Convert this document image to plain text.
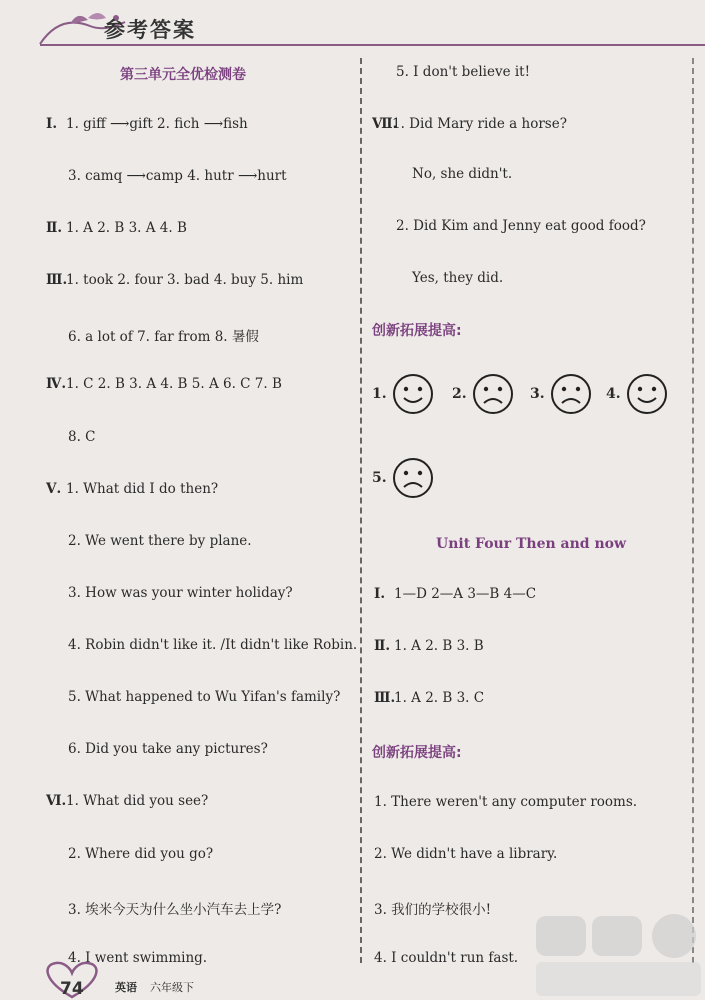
参考答案
第三单元全优检测卷
Ⅰ. 1. giff ⟶gift 2. fich ⟶fish
3. camq ⟶camp 4. hutr ⟶hurt
Ⅱ. 1. A 2. B 3. A 4. B
Ⅲ.
1. took 2. four 3. bad 4. buy 5. him
6. a lot of 7. far from 8. 暑假
Ⅳ. 1. C 2. B 3. A 4. B 5. A 6. C 7. B
8. C
Ⅴ. 1. What did I do then?
2. We went there by plane.
3. How was your winter holiday?
4. Robin didn't like it. /It didn't like Robin.
5. What happened to Wu Yifan's family?
6. Did you take any pictures?
Ⅵ. 1. What did you see?
2. Where did you go?
3. 埃米今天为什么坐小汽车去上学?
4. I went swimming.
5. I don't believe it!
Ⅶ.
1. Did Mary ride a horse?
No, she didn't.
2. Did Kim and Jenny eat good food?
Yes, they did.
创新拓展提高:
1.	2.	3.	4.
5.
Unit Four Then and now
Ⅰ. 1—D 2—A 3—B 4—C
Ⅱ. 1. A 2. B 3. B
Ⅲ.
1. A 2. B 3. C
创新拓展提高:
1. There weren't any computer rooms.
2. We didn't have a library.
3. 我们的学校很小!
4. I couldn't run fast.
74	英语 六年级下
